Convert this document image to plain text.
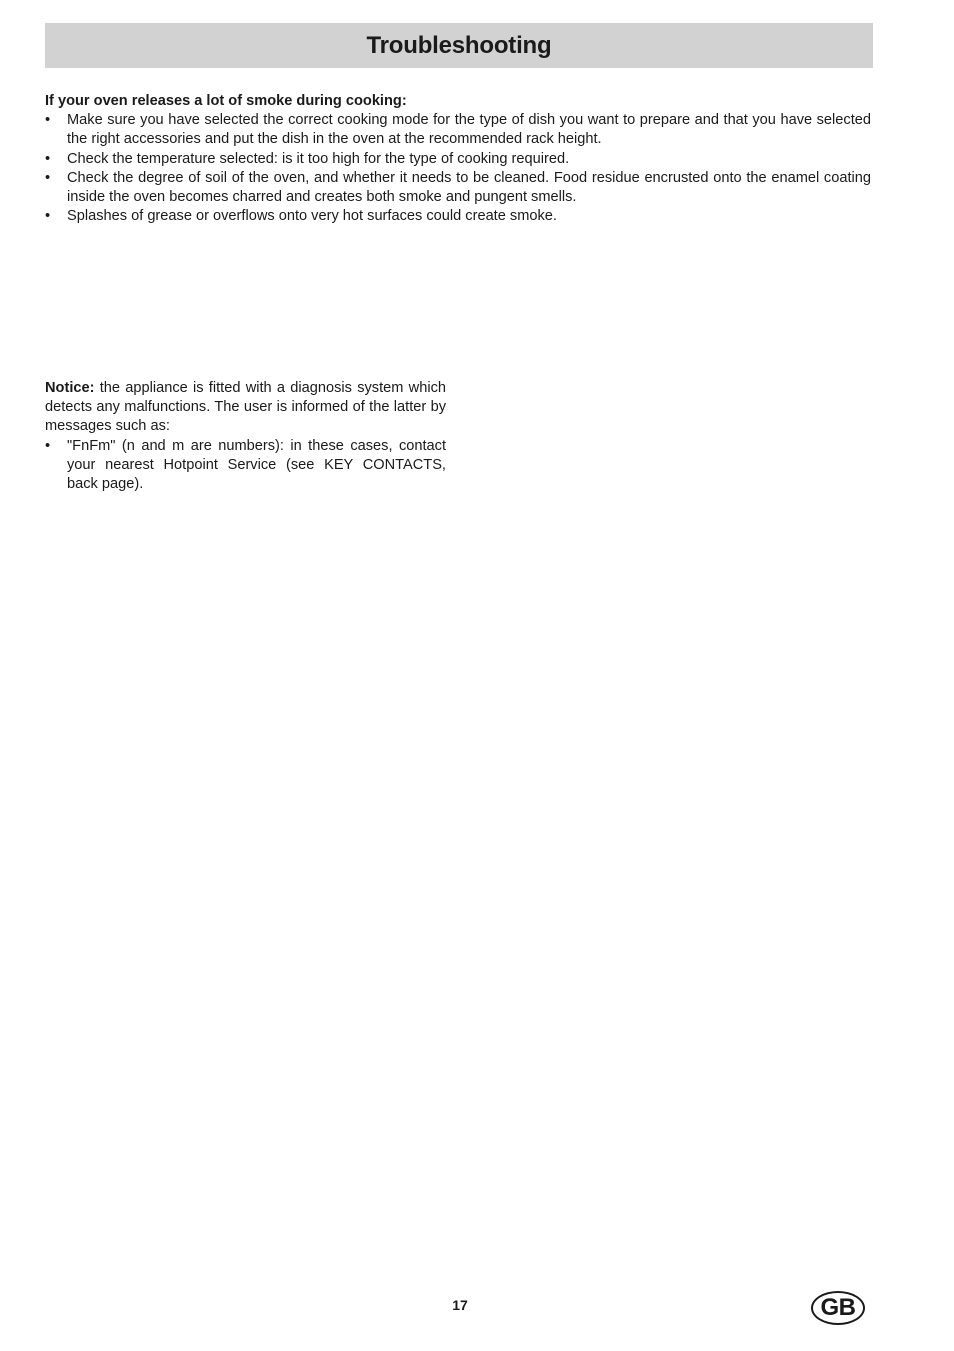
Troubleshooting

If your oven releases a lot of smoke during cooking:

• Make sure you have selected the correct cooking mode for the type of dish you want to prepare and that you have selected the right accessories and put the dish in the oven at the recommended rack height.
• Check the temperature selected: is it too high for the type of cooking required.
• Check the degree of soil of the oven, and whether it needs to be cleaned. Food residue encrusted onto the enamel coating inside the oven becomes charred and creates both smoke and pungent smells.
• Splashes of grease or overflows onto very hot surfaces could create smoke.

Notice: the appliance is fitted with a diagnosis system which detects any malfunctions. The user is informed of the latter by messages such as:

• "FnFm" (n and m are numbers): in these cases, contact your nearest Hotpoint Service (see KEY CONTACTS, back page).
17	GB
